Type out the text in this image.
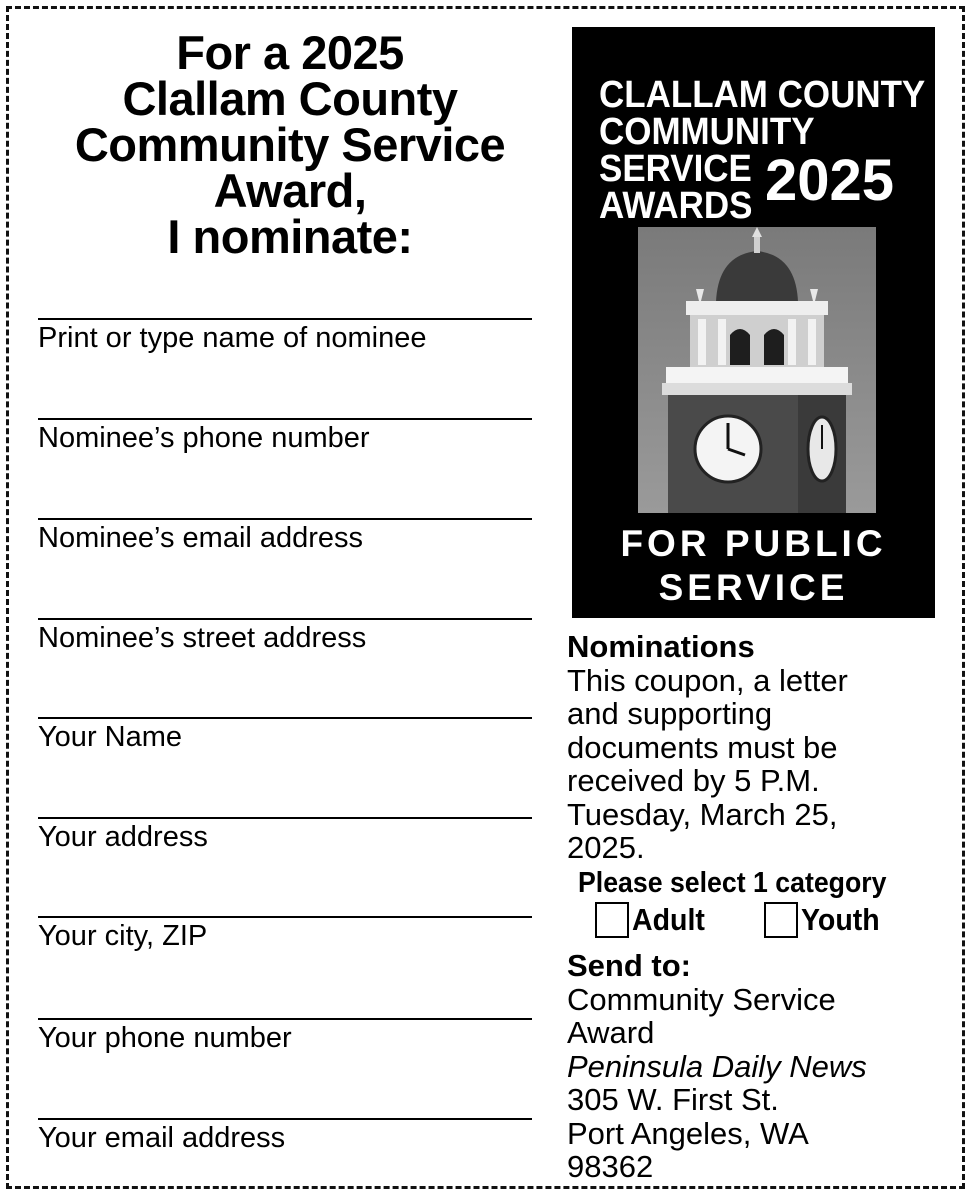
For a 2025
Clallam County
Community Service
Award,
I nominate:
Print or type name of nominee
Nominee’s phone number
Nominee’s email address
Nominee’s street address
Your Name
Your address
Your city, ZIP
Your phone number
Your email address
CLALLAM COUNTY
COMMUNITY
SERVICE
AWARDS 2025
FOR PUBLIC
SERVICE
Nominations
This coupon, a letter
and supporting
documents must be
received by 5 P.M.
Tuesday, March 25,
2025.
Please select 1 category
Adult	Youth
Send to:
Community Service
Award
Peninsula Daily News
305 W. First St.
Port Angeles, WA
98362
